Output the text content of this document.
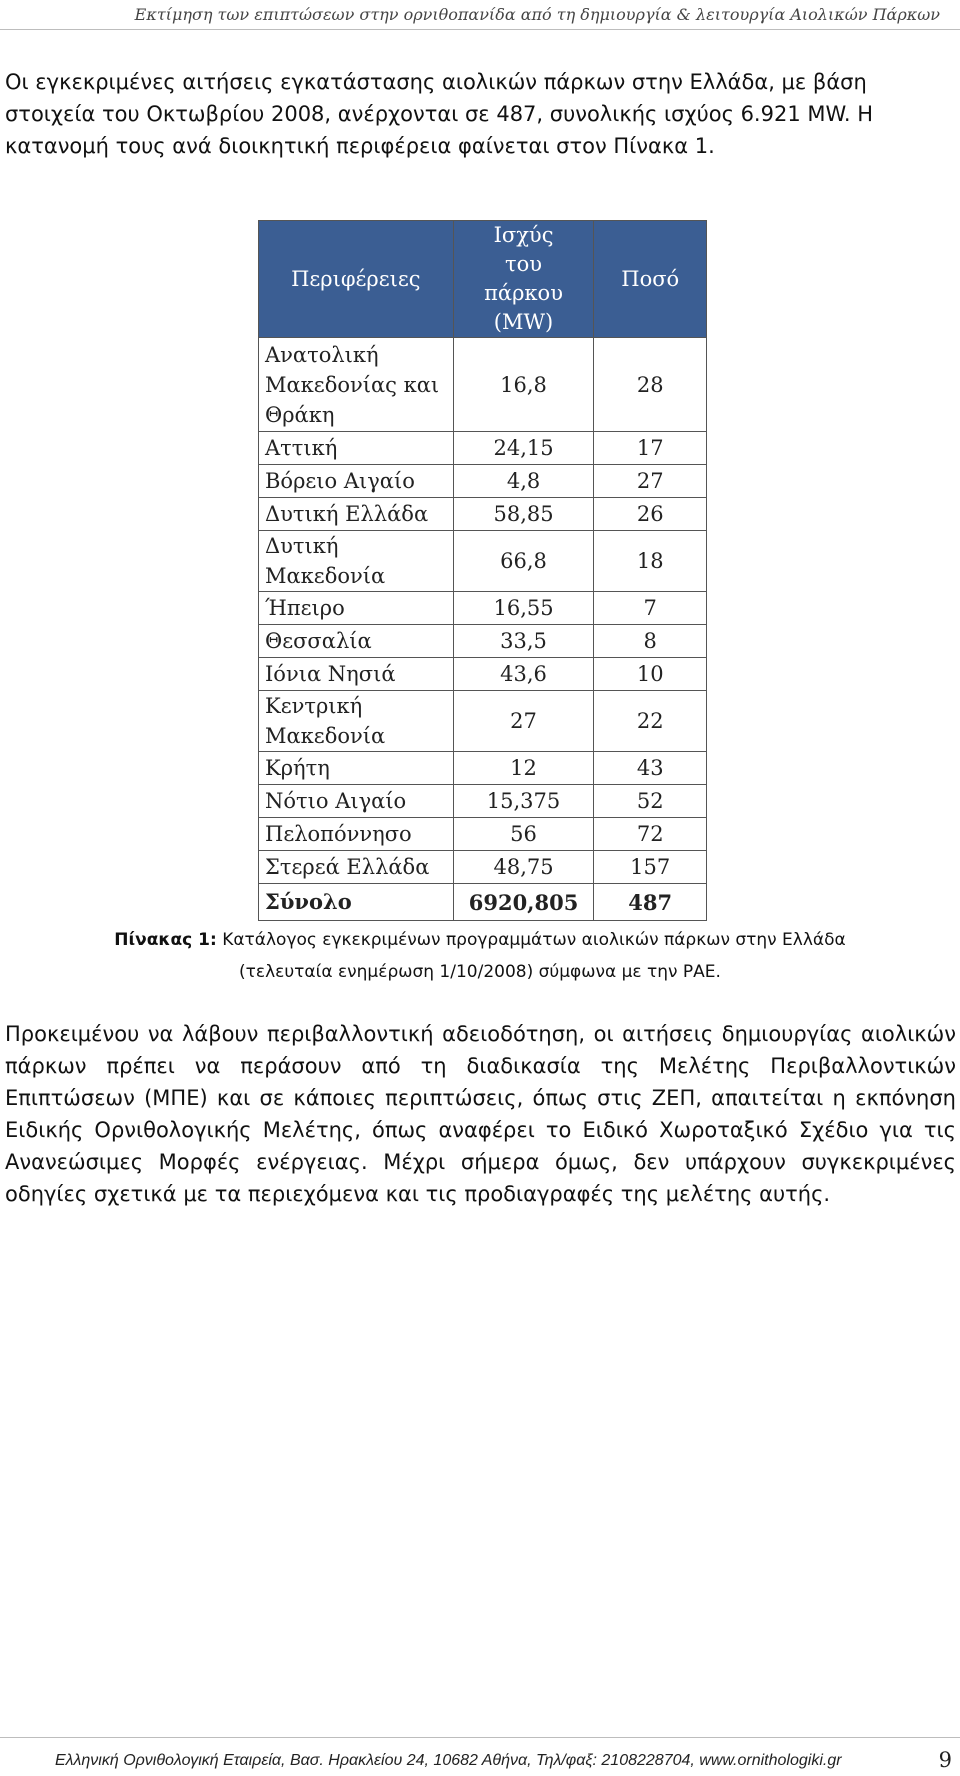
Εκτίμηση των επιπτώσεων στην ορνιθοπανίδα από τη δημιουργία & λειτουργία Αιολικών Πάρκων

Οι εγκεκριμένες αιτήσεις εγκατάστασης αιολικών πάρκων στην Ελλάδα, με βάση στοιχεία του Οκτωβρίου 2008, ανέρχονται σε 487, συνολικής ισχύος 6.921 MW. Η κατανομή τους ανά διοικητική περιφέρεια φαίνεται στον Πίνακα 1.

Περιφέρειες	Ισχύς του πάρκου (MW)	Ποσό
Ανατολική Μακεδονίας και Θράκη	16,8	28
Αττική	24,15	17
Βόρειο Αιγαίο	4,8	27
Δυτική Ελλάδα	58,85	26
Δυτική Μακεδονία	66,8	18
Ήπειρο	16,55	7
Θεσσαλία	33,5	8
Ιόνια Νησιά	43,6	10
Κεντρική Μακεδονία	27	22
Κρήτη	12	43
Νότιο Αιγαίο	15,375	52
Πελοπόννησο	56	72
Στερεά Ελλάδα	48,75	157
Σύνολο	6920,805	487
Πίνακας 1: Κατάλογος εγκεκριμένων προγραμμάτων αιολικών πάρκων στην Ελλάδα
(τελευταία ενημέρωση 1/10/2008) σύμφωνα με την ΡΑΕ.

Προκειμένου να λάβουν περιβαλλοντική αδειοδότηση, οι αιτήσεις δημιουργίας αιολικών πάρκων πρέπει να περάσουν από τη διαδικασία της Μελέτης Περιβαλλοντικών Επιπτώσεων (ΜΠΕ) και σε κάποιες περιπτώσεις, όπως στις ΖΕΠ, απαιτείται η εκπόνηση Ειδικής Ορνιθολογικής Μελέτης, όπως αναφέρει το Ειδικό Χωροταξικό Σχέδιο για τις Ανανεώσιμες Μορφές ενέργειας. Μέχρι σήμερα όμως, δεν υπάρχουν συγκεκριμένες οδηγίες σχετικά με τα περιεχόμενα και τις προδιαγραφές της μελέτης αυτής.

Ελληνική Ορνιθολογική Εταιρεία, Βασ. Ηρακλείου 24, 10682 Αθήνα, Τηλ/φαξ: 2108228704, www.ornithologiki.gr	9
